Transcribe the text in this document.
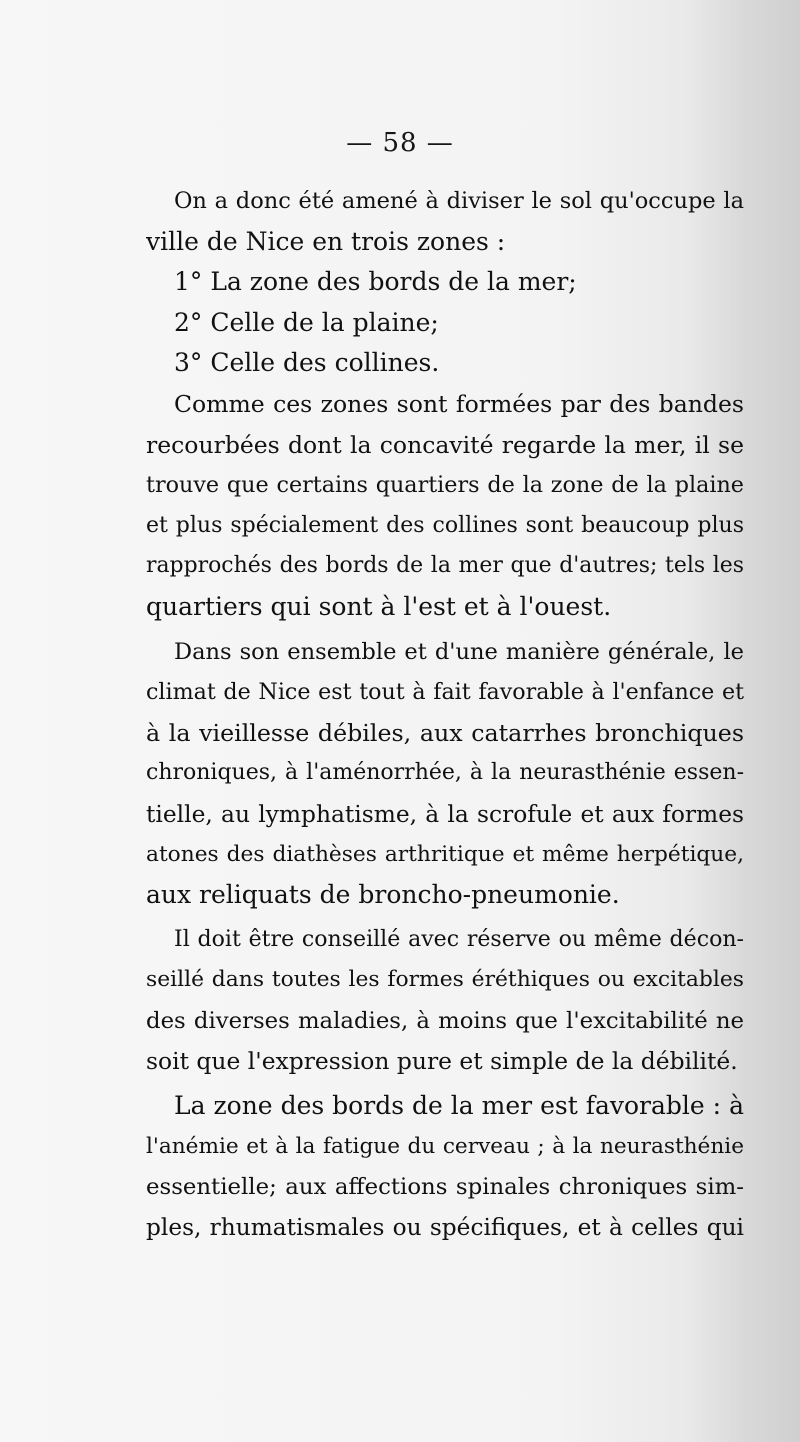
— 58 —
On a donc été amené à diviser le sol qu'occupe la
ville de Nice en trois zones :
1° La zone des bords de la mer;
2° Celle de la plaine;
3° Celle des collines.
Comme ces zones sont formées par des bandes
recourbées dont la concavité regarde la mer, il se
trouve que certains quartiers de la zone de la plaine
et plus spécialement des collines sont beaucoup plus
rapprochés des bords de la mer que d'autres; tels les
quartiers qui sont à l'est et à l'ouest.
Dans son ensemble et d'une manière générale, le
climat de Nice est tout à fait favorable à l'enfance et
à la vieillesse débiles, aux catarrhes bronchiques
chroniques, à l'aménorrhée, à la neurasthénie essen-
tielle, au lymphatisme, à la scrofule et aux formes
atones des diathèses arthritique et même herpétique,
aux reliquats de broncho-pneumonie.
Il doit être conseillé avec réserve ou même décon-
seillé dans toutes les formes éréthiques ou excitables
des diverses maladies, à moins que l'excitabilité ne
soit que l'expression pure et simple de la débilité.
La zone des bords de la mer est favorable : à
l'anémie et à la fatigue du cerveau ; à la neurasthénie
essentielle; aux affections spinales chroniques sim-
ples, rhumatismales ou spécifiques, et à celles qui
